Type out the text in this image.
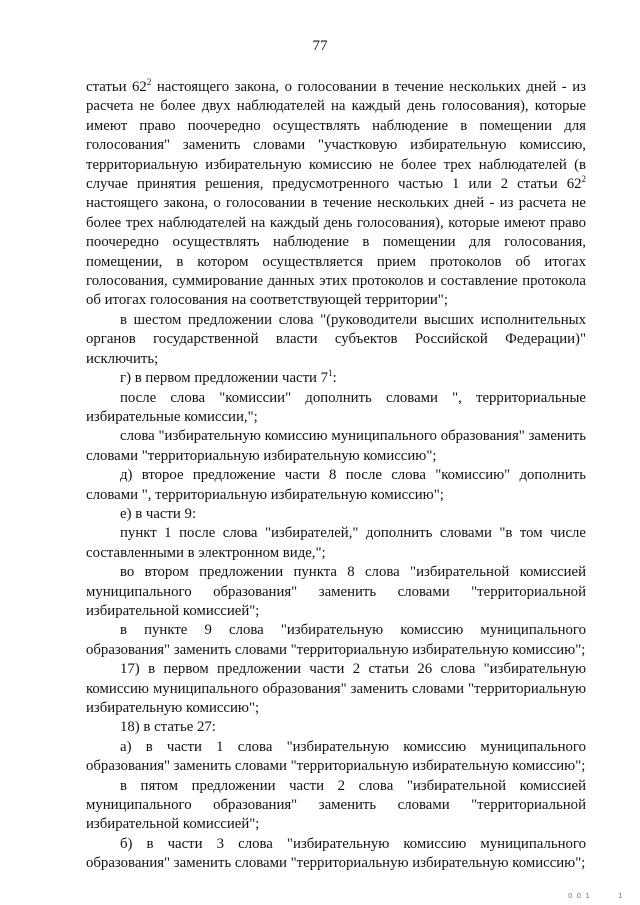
77

статьи $62^2$ настоящего закона, о голосовании в течение нескольких дней - из расчета не более двух наблюдателей на каждый день голосования), которые имеют право поочередно осуществлять наблюдение в помещении для голосования" заменить словами "участковую избирательную комиссию, территориальную избирательную комиссию не более трех наблюдателей (в случае принятия решения, предусмотренного частью 1 или 2 статьи $62^2$ настоящего закона, о голосовании в течение нескольких дней - из расчета не более трех наблюдателей на каждый день голосования), которые имеют право поочередно осуществлять наблюдение в помещении для голосования, помещении, в котором осуществляется прием протоколов об итогах голосования, суммирование данных этих протоколов и составление протокола об итогах голосования на соответствующей территории";

в шестом предложении слова "(руководители высших исполнительных органов государственной власти субъектов Российской Федерации)" исключить;

г) в первом предложении части $7^1$:

после слова "комиссии" дополнить словами ", территориальные избирательные комиссии,";

слова "избирательную комиссию муниципального образования" заменить словами "территориальную избирательную комиссию";

д) второе предложение части 8 после слова "комиссию" дополнить словами ", территориальную избирательную комиссию";

е) в части 9:

пункт 1 после слова "избирателей," дополнить словами "в том числе составленными в электронном виде,";

во втором предложении пункта 8 слова "избирательной комиссией муниципального образования" заменить словами "территориальной избирательной комиссией";

в пункте 9 слова "избирательную комиссию муниципального образования" заменить словами "территориальную избирательную комиссию";

17) в первом предложении части 2 статьи 26 слова "избирательную комиссию муниципального образования" заменить словами "территориальную избирательную комиссию";

18) в статье 27:

а) в части 1 слова "избирательную комиссию муниципального образования" заменить словами "территориальную избирательную комиссию";

в пятом предложении части 2 слова "избирательной комиссией муниципального образования" заменить словами "территориальной избирательной комиссией";

б) в части 3 слова "избирательную комиссию муниципального образования" заменить словами "территориальную избирательную комиссию";

0 0 1	1
